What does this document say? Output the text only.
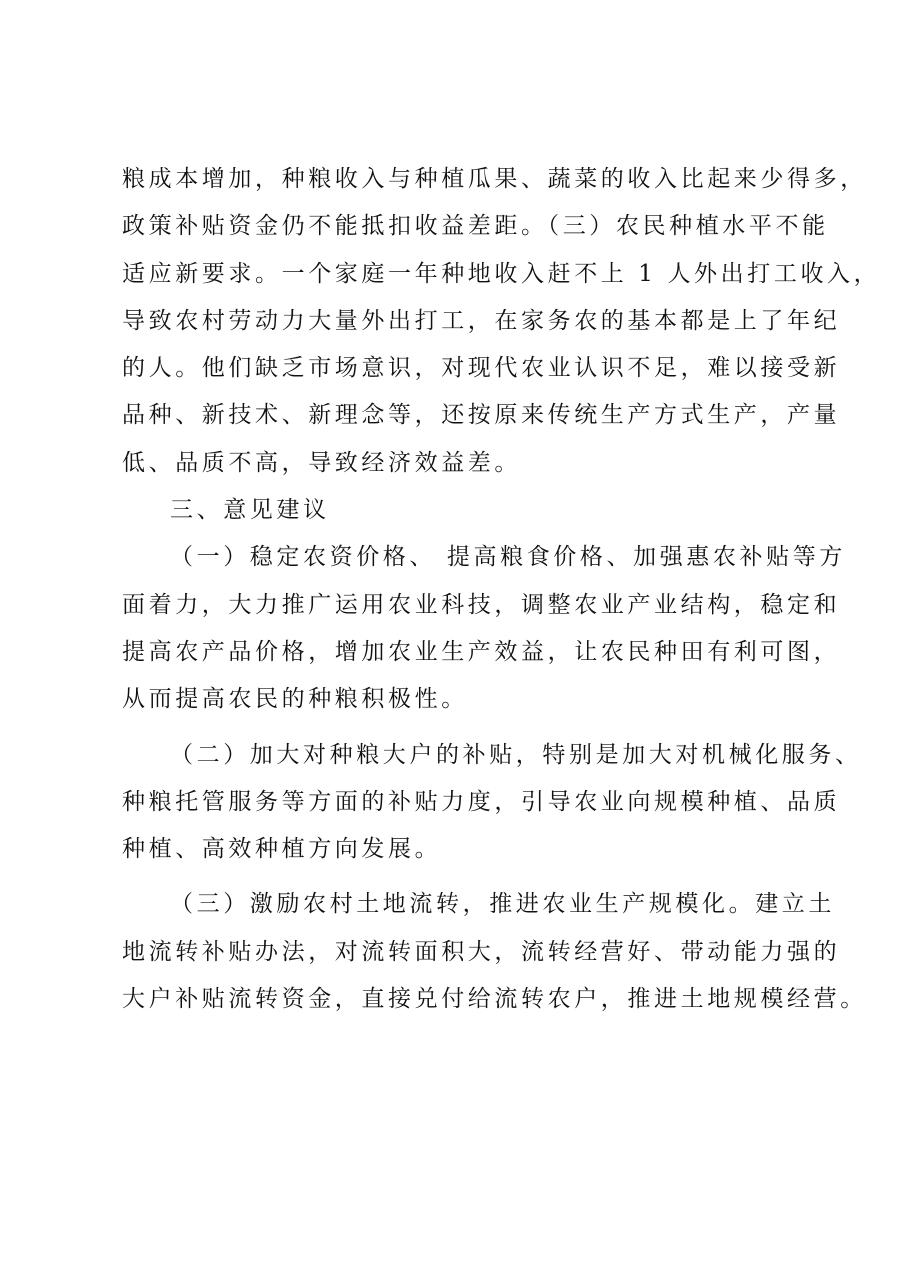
粮成本增加，种粮收入与种植瓜果、蔬菜的收入比起来少得多，
政策补贴资金仍不能抵扣收益差距。（三）农民种植水平不能
适应新要求。一个家庭一年种地收入赶不上 1 人外出打工收入，
导致农村劳动力大量外出打工，在家务农的基本都是上了年纪
的人。他们缺乏市场意识，对现代农业认识不足，难以接受新
品种、新技术、新理念等，还按原来传统生产方式生产，产量
低、品质不高，导致经济效益差。
三、意见建议
（一）稳定农资价格、 提高粮食价格、加强惠农补贴等方
面着力，大力推广运用农业科技，调整农业产业结构，稳定和
提高农产品价格，增加农业生产效益，让农民种田有利可图，
从而提高农民的种粮积极性。
（二）加大对种粮大户的补贴，特别是加大对机械化服务、
种粮托管服务等方面的补贴力度，引导农业向规模种植、品质
种植、高效种植方向发展。
（三）激励农村土地流转，推进农业生产规模化。建立土
地流转补贴办法，对流转面积大，流转经营好、带动能力强的
大户补贴流转资金，直接兑付给流转农户，推进土地规模经营。
